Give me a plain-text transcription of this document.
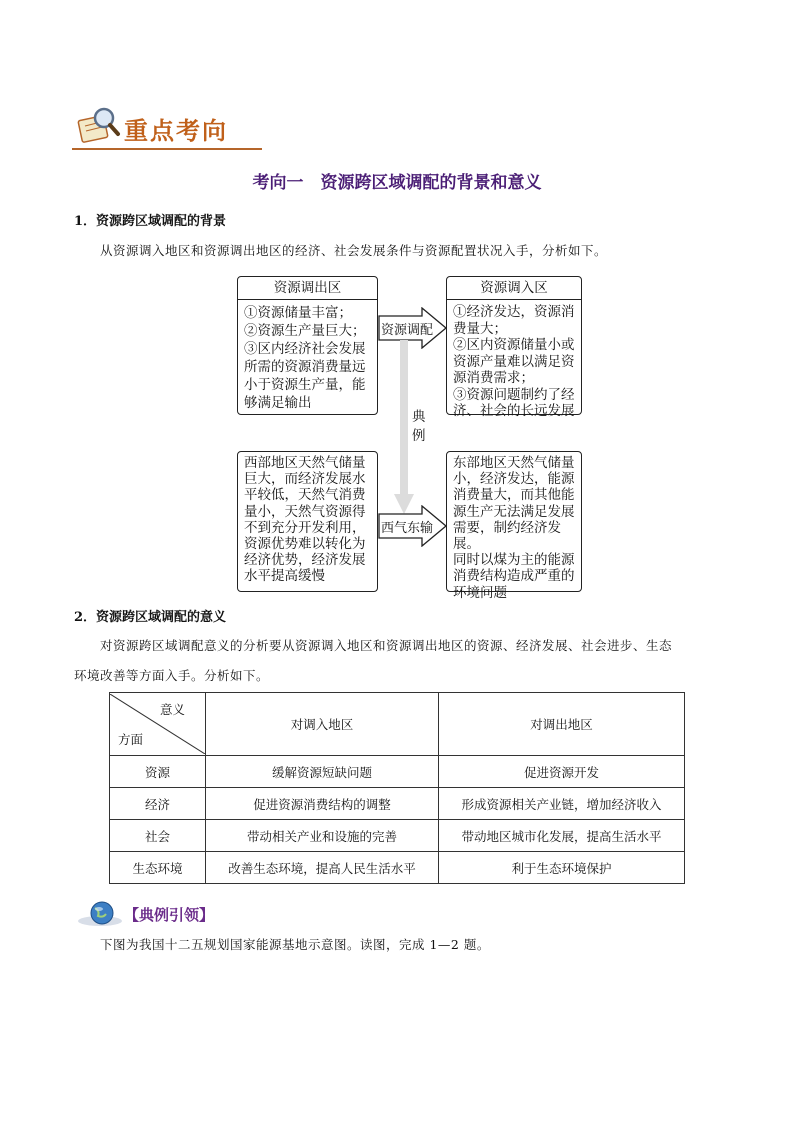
重点考向
考向一　资源跨区域调配的背景和意义
1．资源跨区域调配的背景
从资源调入地区和资源调出地区的经济、社会发展条件与资源配置状况入手，分析如下。
资源调出区
①资源储量丰富；
②资源生产量巨大；
③区内经济社会发展
所需的资源消费量远
小于资源生产量，能
够满足输出
资源调入区
①经济发达，资源消
费量大；
②区内资源储量小或
资源产量难以满足资
源消费需求；
③资源问题制约了经
济、社会的长远发展
资源调配
典
例
西部地区天然气储量
巨大，而经济发展水
平较低，天然气消费
量小，天然气资源得
不到充分开发利用，
资源优势难以转化为
经济优势，经济发展
水平提高缓慢
东部地区天然气储量
小，经济发达，能源
消费量大，而其他能
源生产无法满足发展
需要，制约经济发展。
同时以煤为主的能源
消费结构造成严重的
环境问题
西气东输
2．资源跨区域调配的意义
对资源跨区域调配意义的分析要从资源调入地区和资源调出地区的资源、经济发展、社会进步、生态
环境改善等方面入手。分析如下。
意义
方面	对调入地区	对调出地区
资源	缓解资源短缺问题	促进资源开发
经济	促进资源消费结构的调整	形成资源相关产业链，增加经济收入
社会	带动相关产业和设施的完善	带动地区城市化发展，提高生活水平
生态环境	改善生态环境，提高人民生活水平	利于生态环境保护
【典例引领】
下图为我国十二五规划国家能源基地示意图。读图，完成 1—2 题。
